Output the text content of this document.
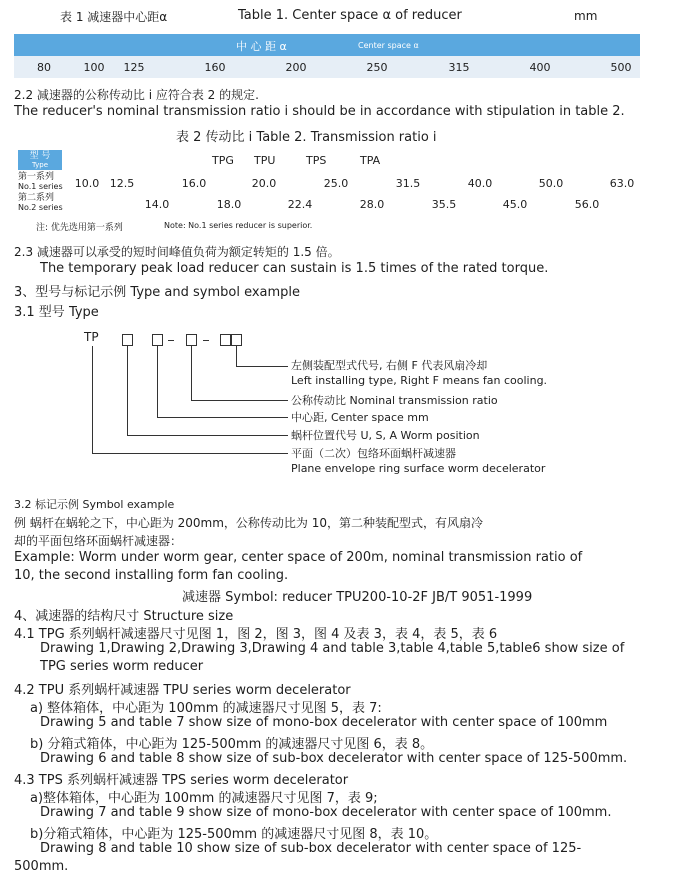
表 1 减速器中心距α	Table 1. Center space α of reducer	mm
中 心 距 α	Center space α
80	100	125	160	200	250	315	400	500
2.2 减速器的公称传动比 i 应符合表 2 的规定.
The reducer's nominal transmission ratio i should be in accordance with stipulation in table 2.
表 2 传动比 i Table 2. Transmission ratio i
型 号
Type	TPG TPU	TPS	TPA
第一系列
No.1 series	10.0 12.5	16.0	20.0	25.0	31.5	40.0	50.0	63.0
第二系列
No.2 series	14.0	18.0	22.4	28.0	35.5	45.0	56.0
注: 优先选用第一系列	Note: No.1 series reducer is superior.
2.3 减速器可以承受的短时间峰值负荷为额定转矩的 1.5 倍。
The temporary peak load reducer can sustain is 1.5 times of the rated torque.
3、型号与标记示例 Type and symbol example
3.1 型号 Type
TP
左侧装配型式代号, 右侧 F 代表风扇冷却
Left installing type, Right F means fan cooling.
公称传动比 Nominal transmission ratio
中心距, Center space mm
蜗杆位置代号 U, S, A Worm position
平面（二次）包络环面蜗杆减速器
Plane envelope ring surface worm decelerator
3.2 标记示例 Symbol example
例 蜗杆在蜗轮之下，中心距为 200mm，公称传动比为 10，第二种装配型式，有风扇冷
却的平面包络环面蜗杆减速器：
Example: Worm under worm gear, center space of 200m, nominal transmission ratio of
10, the second installing form fan cooling.
减速器 Symbol: reducer TPU200-10-2F JB/T 9051-1999
4、减速器的结构尺寸 Structure size
4.1 TPG 系列蜗杆减速器尺寸见图 1，图 2，图 3，图 4 及表 3，表 4，表 5，表 6
Drawing 1,Drawing 2,Drawing 3,Drawing 4 and table 3,table 4,table 5,table6 show size of
TPG series worm reducer
4.2 TPU 系列蜗杆减速器 TPU series worm decelerator
a) 整体箱体，中心距为 100mm 的减速器尺寸见图 5，表 7:
Drawing 5 and table 7 show size of mono-box decelerator with center space of 100mm
b) 分箱式箱体，中心距为 125-500mm 的减速器尺寸见图 6，表 8。
Drawing 6 and table 8 show size of sub-box decelerator with center space of 125-500mm.
4.3 TPS 系列蜗杆减速器 TPS series worm decelerator
a)整体箱体，中心距为 100mm 的减速器尺寸见图 7，表 9;
Drawing 7 and table 9 show size of mono-box decelerator with center space of 100mm.
b)分箱式箱体，中心距为 125-500mm 的减速器尺寸见图 8，表 10。
Drawing 8 and table 10 show size of sub-box decelerator with center space of 125-
500mm.
